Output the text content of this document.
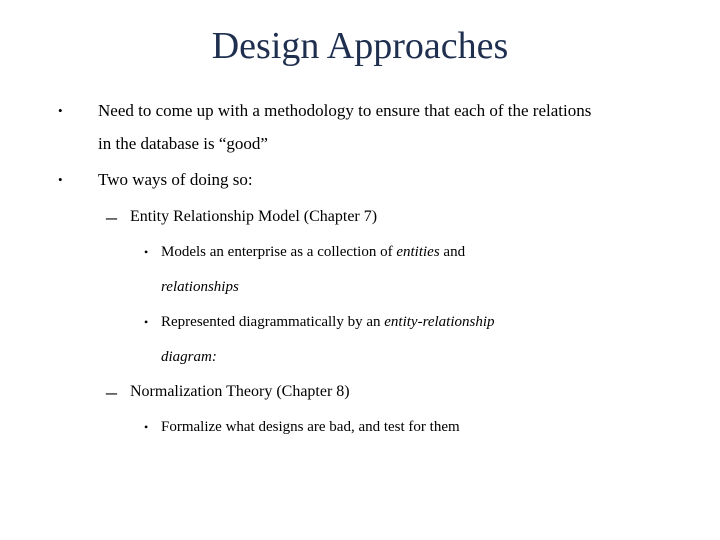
Design Approaches
• Need to come up with a methodology to ensure that each of the relations
in the database is “good”
• Two ways of doing so:
– Entity Relationship Model (Chapter 7)
• Models an enterprise as a collection of entities and
relationships
• Represented diagrammatically by an entity-relationship
diagram:
– Normalization Theory (Chapter 8)
• Formalize what designs are bad, and test for them
